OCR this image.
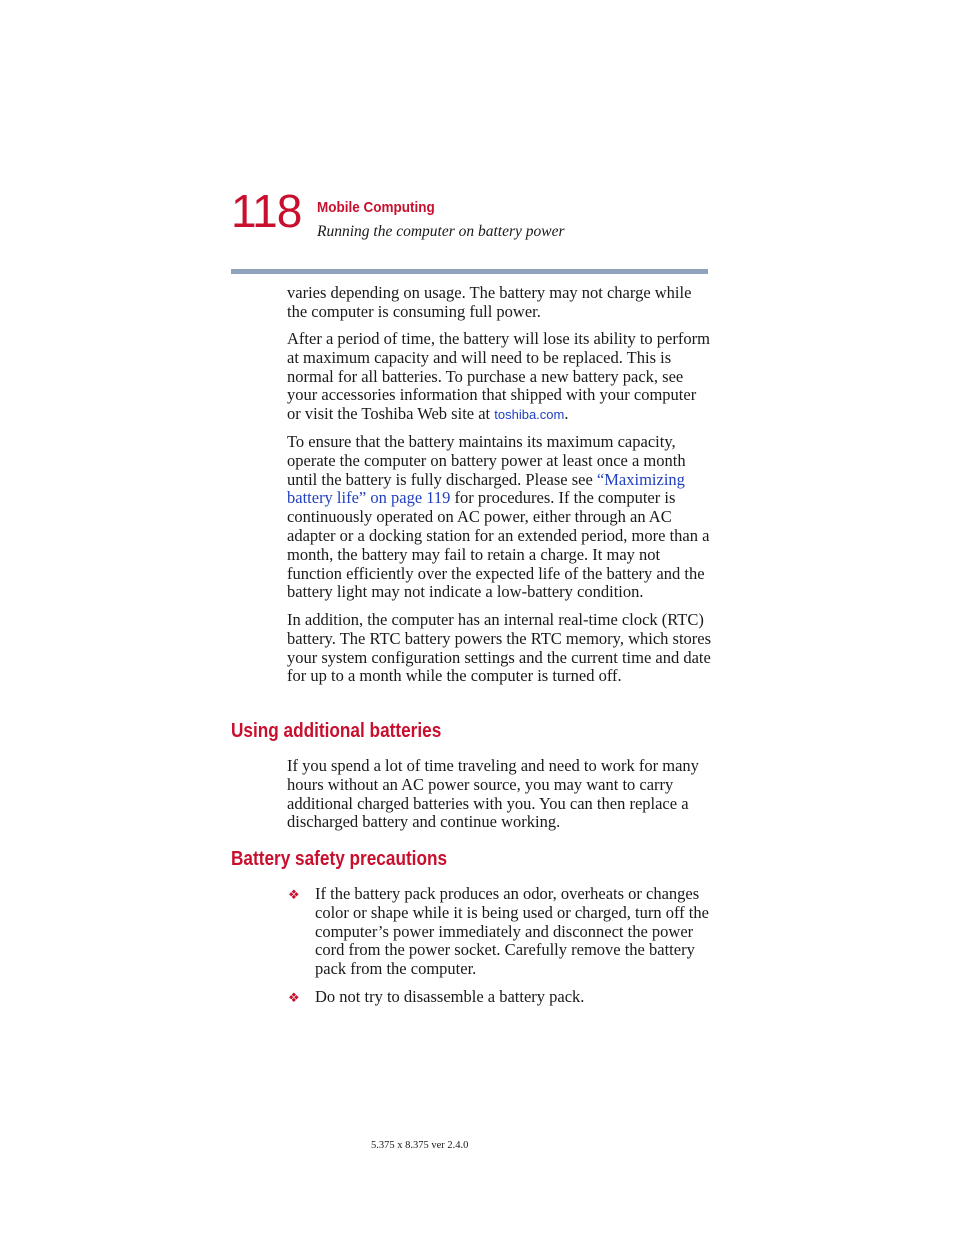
118 Mobile Computing
Running the computer on battery power

varies depending on usage. The battery may not charge while the computer is consuming full power.

After a period of time, the battery will lose its ability to perform at maximum capacity and will need to be replaced. This is normal for all batteries. To purchase a new battery pack, see your accessories information that shipped with your computer or visit the Toshiba Web site at toshiba.com.

To ensure that the battery maintains its maximum capacity, operate the computer on battery power at least once a month until the battery is fully discharged. Please see “Maximizing battery life” on page 119 for procedures. If the computer is continuously operated on AC power, either through an AC adapter or a docking station for an extended period, more than a month, the battery may fail to retain a charge. It may not function efficiently over the expected life of the battery and the battery light may not indicate a low-battery condition.

In addition, the computer has an internal real-time clock (RTC) battery. The RTC battery powers the RTC memory, which stores your system configuration settings and the current time and date for up to a month while the computer is turned off.

Using additional batteries

If you spend a lot of time traveling and need to work for many hours without an AC power source, you may want to carry additional charged batteries with you. You can then replace a discharged battery and continue working.

Battery safety precautions
❖ If the battery pack produces an odor, overheats or changes color or shape while it is being used or charged, turn off the computer’s power immediately and disconnect the power cord from the power socket. Carefully remove the battery pack from the computer.

❖ Do not try to disassemble a battery pack.

5.375 x 8.375 ver 2.4.0
